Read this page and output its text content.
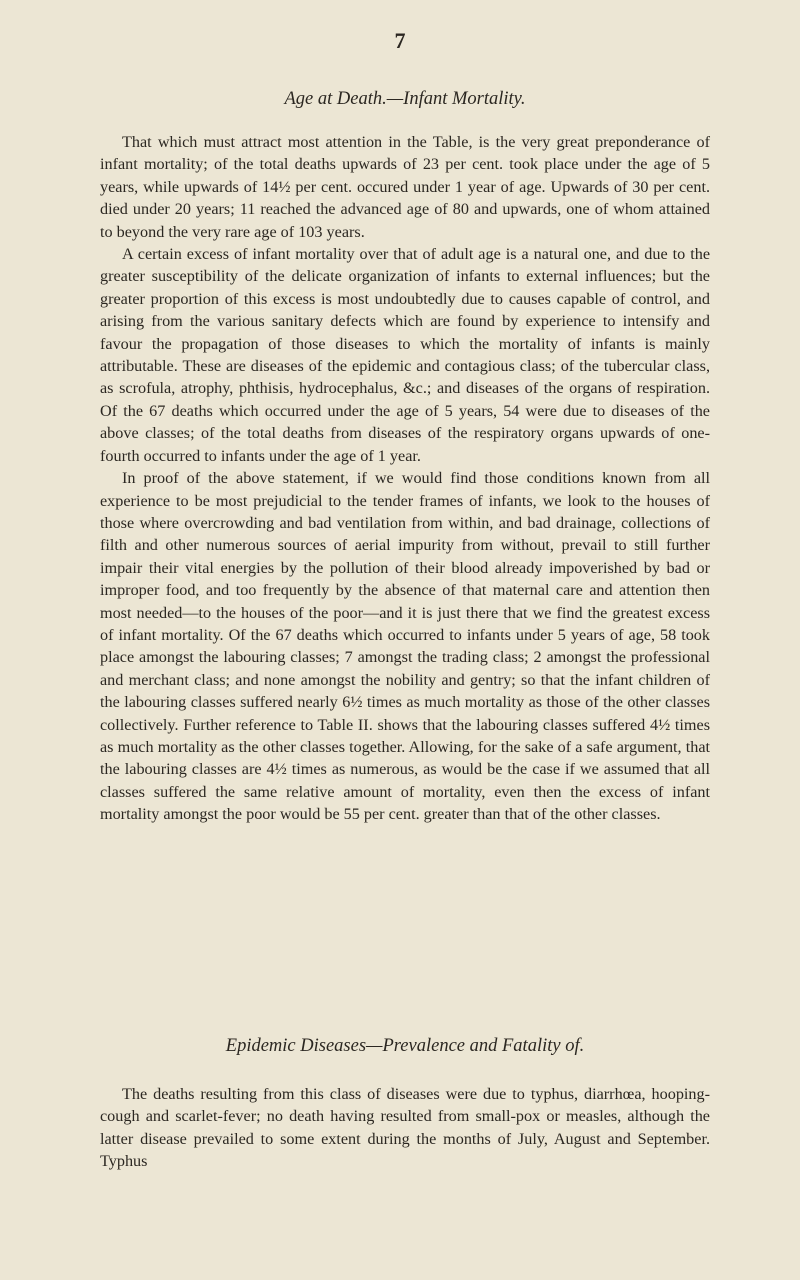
7
Age at Death.—Infant Mortality.

That which must attract most attention in the Table, is the very great preponderance of infant mortality; of the total deaths upwards of 23 per cent. took place under the age of 5 years, while upwards of 14½ per cent. occured under 1 year of age. Upwards of 30 per cent. died under 20 years; 11 reached the advanced age of 80 and upwards, one of whom attained to beyond the very rare age of 103 years.

A certain excess of infant mortality over that of adult age is a natural one, and due to the greater susceptibility of the delicate organization of infants to external influences; but the greater proportion of this excess is most undoubtedly due to causes capable of control, and arising from the various sanitary defects which are found by experience to intensify and favour the propagation of those diseases to which the mortality of infants is mainly attributable. These are diseases of the epidemic and contagious class; of the tubercular class, as scrofula, atrophy, phthisis, hydrocephalus, &c.; and diseases of the organs of respiration. Of the 67 deaths which occurred under the age of 5 years, 54 were due to diseases of the above classes; of the total deaths from diseases of the respiratory organs upwards of one-fourth occurred to infants under the age of 1 year.

In proof of the above statement, if we would find those conditions known from all experience to be most prejudicial to the tender frames of infants, we look to the houses of those where overcrowding and bad ventilation from within, and bad drainage, collections of filth and other numerous sources of aerial impurity from without, prevail to still further impair their vital energies by the pollution of their blood already impoverished by bad or improper food, and too frequently by the absence of that maternal care and attention then most needed—to the houses of the poor—and it is just there that we find the greatest excess of infant mortality. Of the 67 deaths which occurred to infants under 5 years of age, 58 took place amongst the labouring classes; 7 amongst the trading class; 2 amongst the professional and merchant class; and none amongst the nobility and gentry; so that the infant children of the labouring classes suffered nearly 6½ times as much mortality as those of the other classes collectively. Further reference to Table II. shows that the labouring classes suffered 4½ times as much mortality as the other classes together. Allowing, for the sake of a safe argument, that the labouring classes are 4½ times as numerous, as would be the case if we assumed that all classes suffered the same relative amount of mortality, even then the excess of infant mortality amongst the poor would be 55 per cent. greater than that of the other classes.

Epidemic Diseases—Prevalence and Fatality of.

The deaths resulting from this class of diseases were due to typhus, diarrhœa, hooping-cough and scarlet-fever; no death having resulted from small-pox or measles, although the latter disease prevailed to some extent during the months of July, August and September. Typhus
